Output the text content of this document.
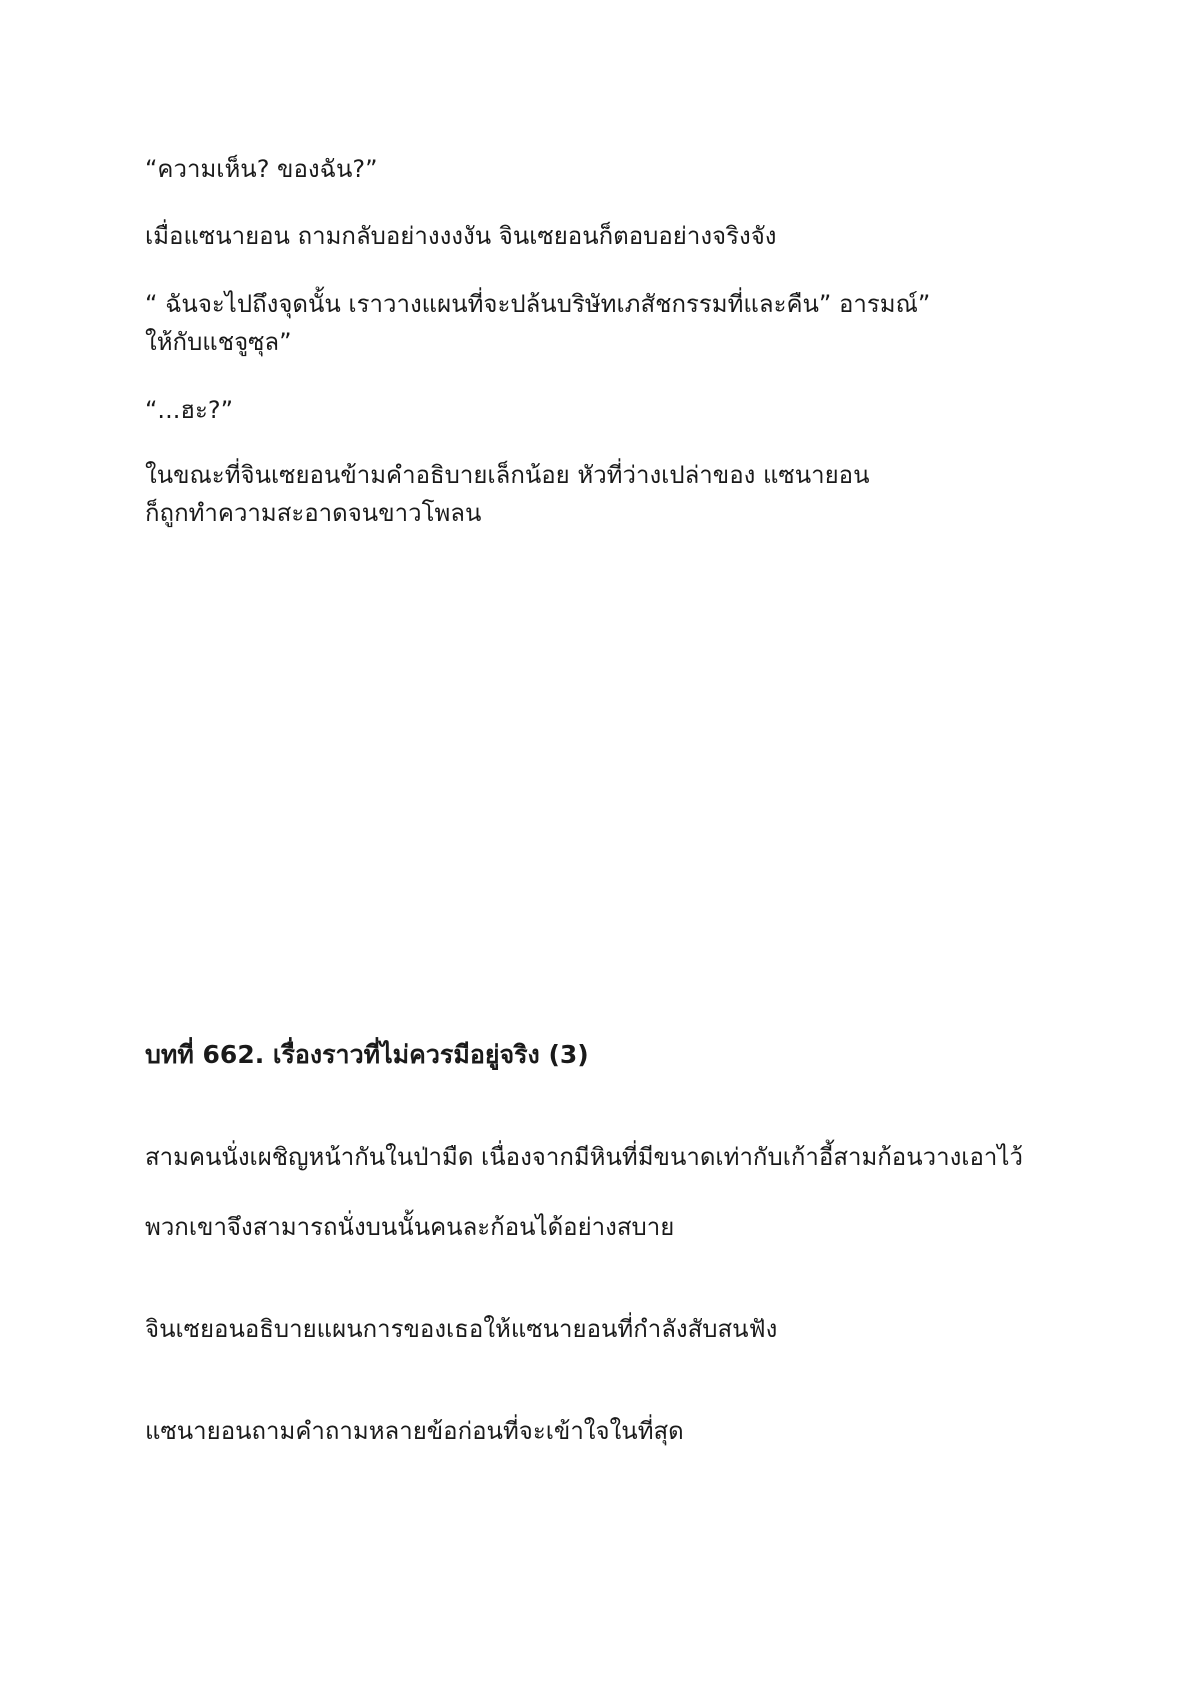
“ความเห็น? ของฉัน?”

เมื่อแซนายอน ถามกลับอย่างงงงัน จินเซยอนก็ตอบอย่างจริงจัง

“ ฉันจะไปถึงจุดนั้น เราวางแผนที่จะปล้นบริษัทเภสัชกรรมที่และคืน” อารมณ์”
ให้กับแชจูซุล”

“...ฮะ?”

ในขณะที่จินเซยอนข้ามคำอธิบายเล็กน้อย หัวที่ว่างเปล่าของ แซนายอน
ก็ถูกทำความสะอาดจนขาวโพลน

บทที่ 662. เรื่องราวที่ไม่ควรมีอยู่จริง (3)

สามคนนั่งเผชิญหน้ากันในป่ามืด เนื่องจากมีหินที่มีขนาดเท่ากับเก้าอี้สามก้อนวางเอาไว้

พวกเขาจึงสามารถนั่งบนนั้นคนละก้อนได้อย่างสบาย

จินเซยอนอธิบายแผนการของเธอให้แซนายอนที่กำลังสับสนฟัง

แซนายอนถามคำถามหลายข้อก่อนที่จะเข้าใจในที่สุด
